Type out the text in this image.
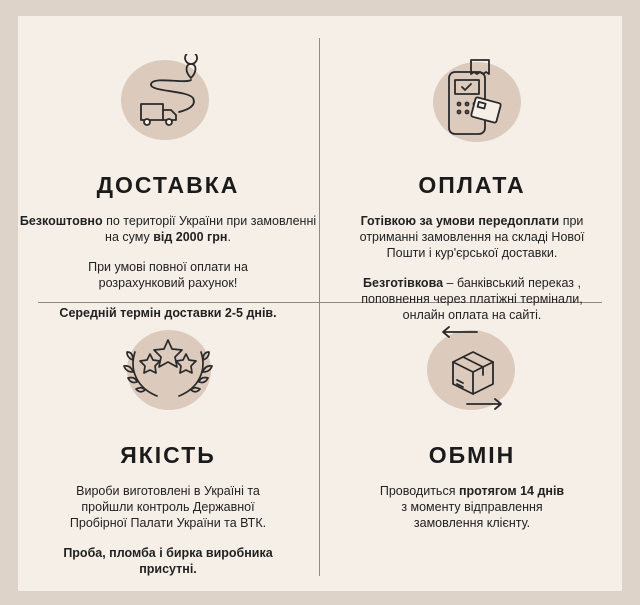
ДОСТАВКА

Безкоштовно по території України при замовленні на суму від 2000 грн.

При умові повної оплати на розрахунковий рахунок!

Середній термін доставки 2-5 днів.

ОПЛАТА

Готівкою за умови передоплати при отриманні замовлення на складі Нової Пошти і кур'єрської доставки.

Безготівкова – банківський переказ , поповнення через платіжні термінали, онлайн оплата на сайті.

ЯКІСТЬ

Вироби виготовлені в Україні та пройшли контроль Державної Пробірної Палати України та ВТК.

Проба, пломба і бирка виробника присутні.

ОБМІН

Проводиться протягом 14 днів з моменту відправлення замовлення клієнту.
